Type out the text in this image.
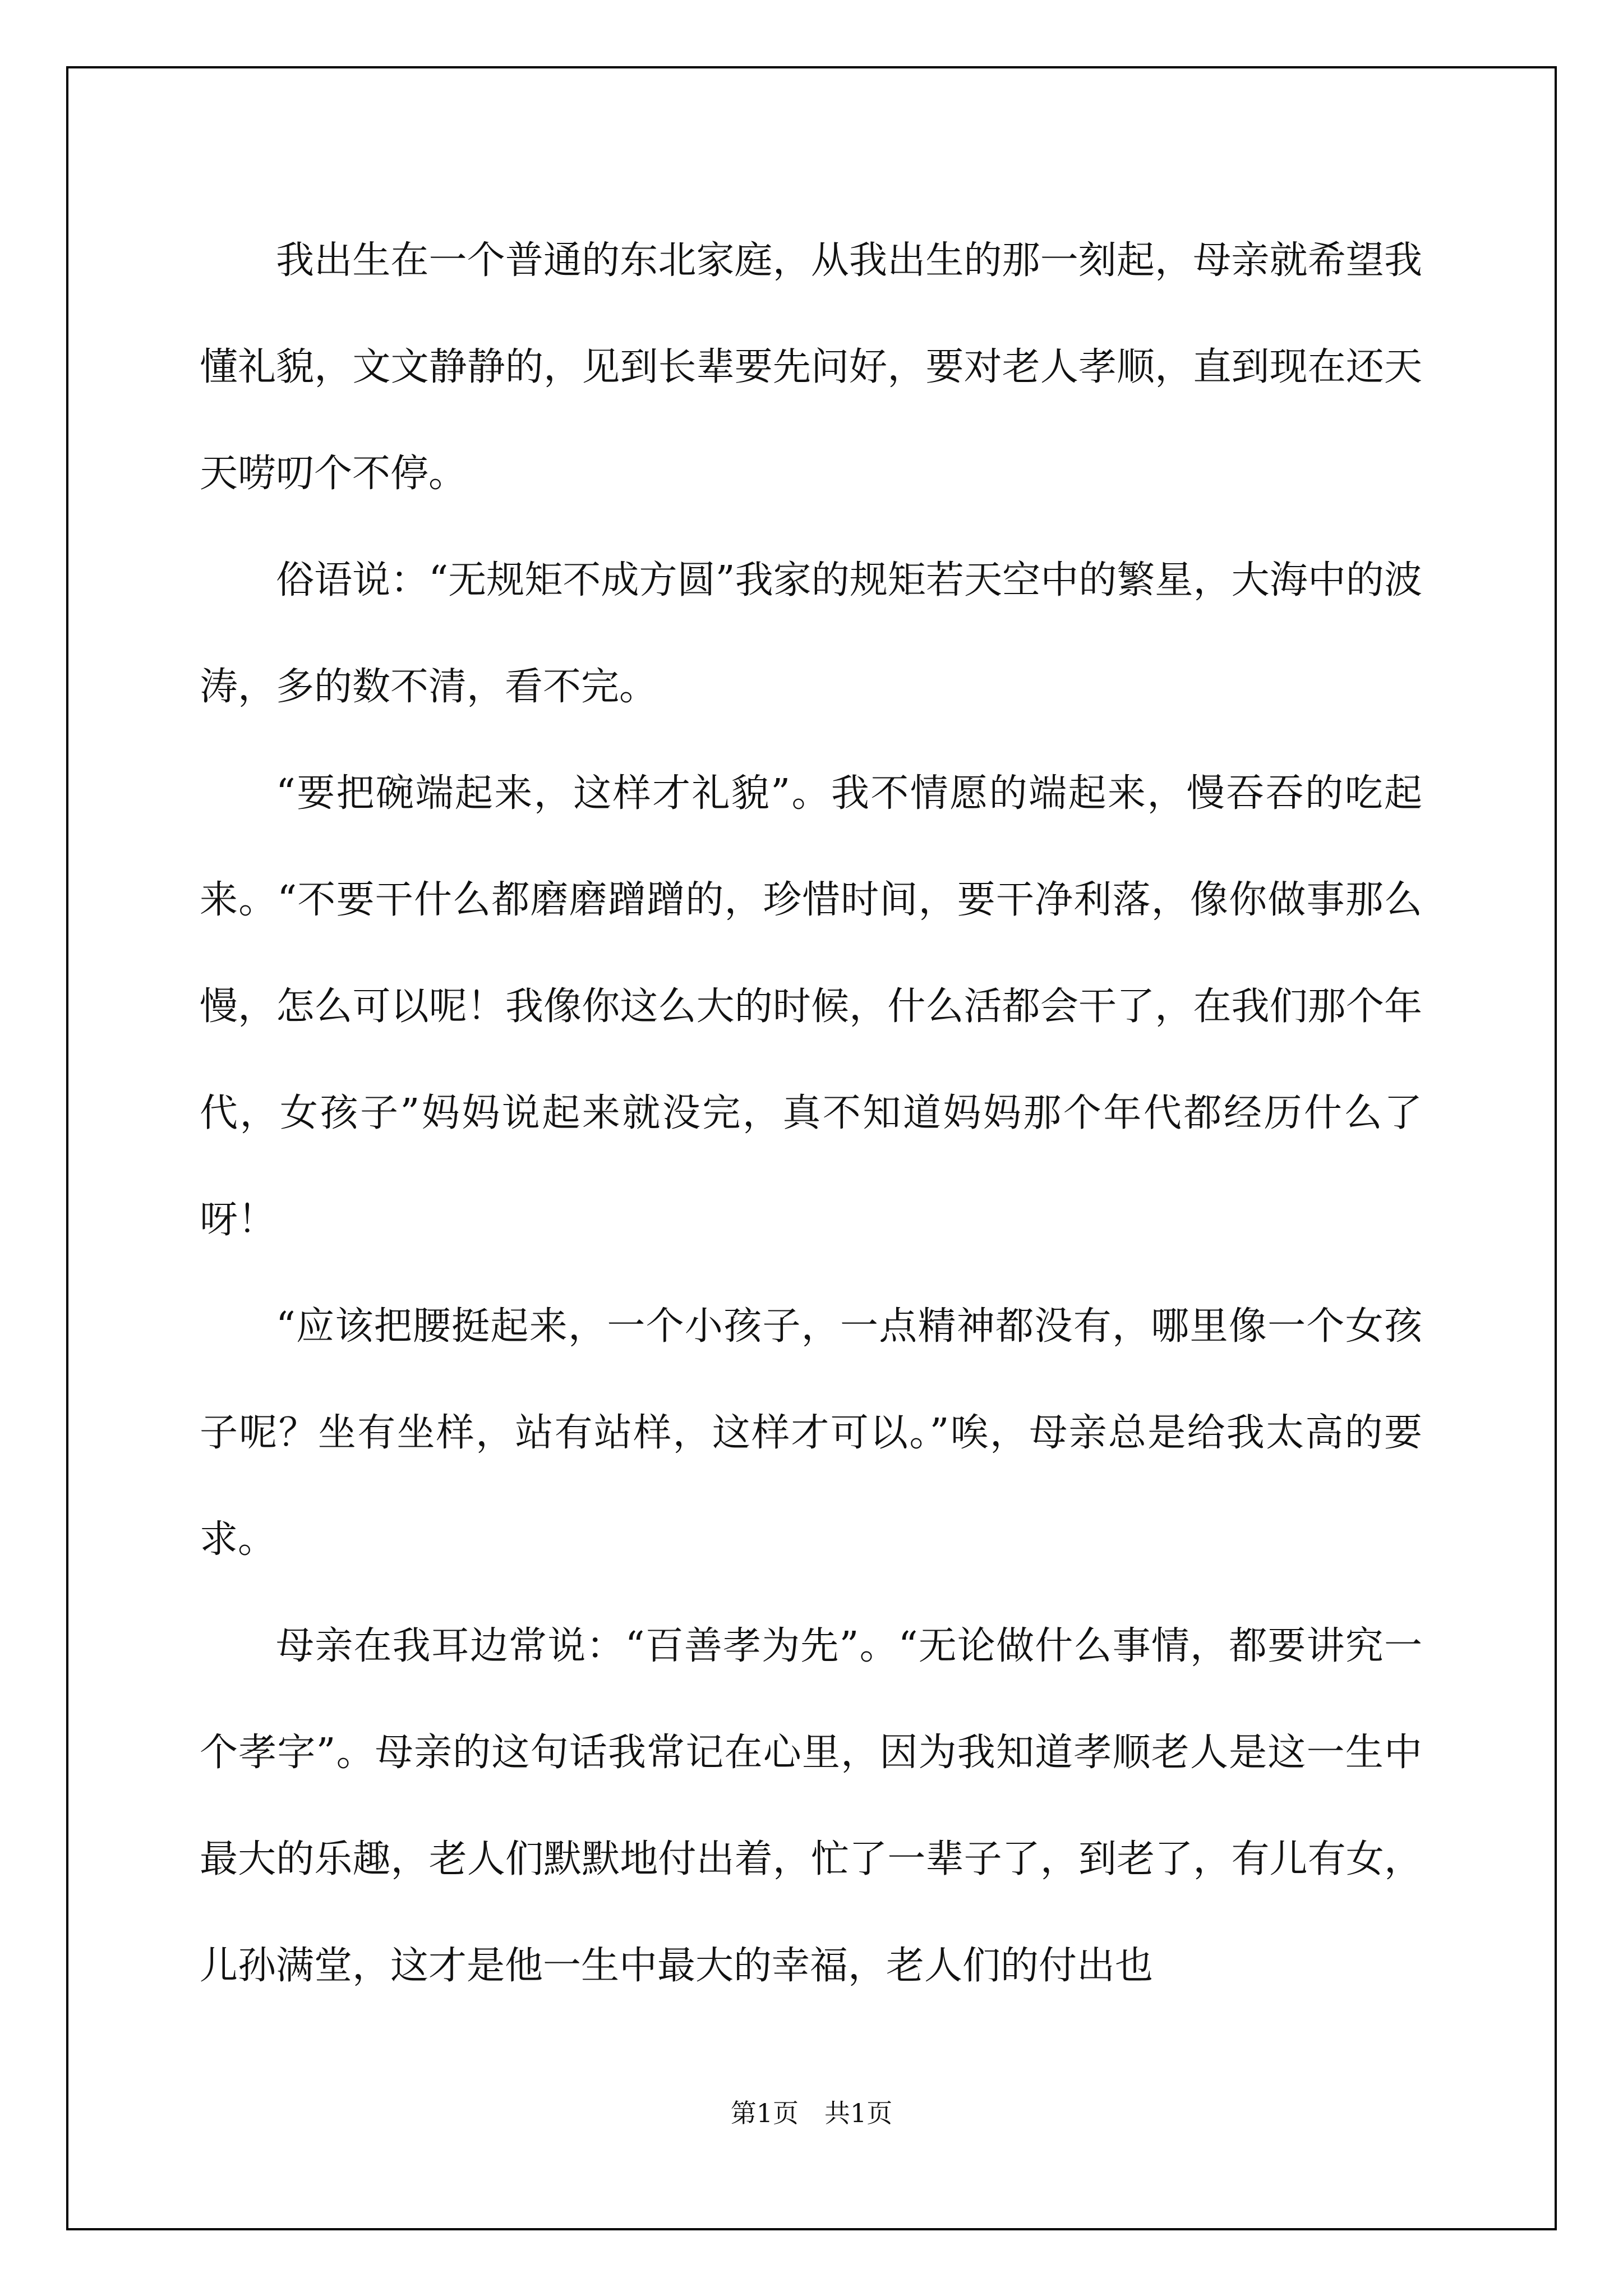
我出生在一个普通的东北家庭，从我出生的那一刻起，母亲就希望我懂礼貌，文文静静的，见到长辈要先问好，要对老人孝顺，直到现在还天天唠叨个不停。

俗语说：“无规矩不成方圆”我家的规矩若天空中的繁星，大海中的波涛，多的数不清，看不完。

“要把碗端起来，这样才礼貌”。我不情愿的端起来，慢吞吞的吃起来。“不要干什么都磨磨蹭蹭的，珍惜时间，要干净利落，像你做事那么慢，怎么可以呢！我像你这么大的时候，什么活都会干了，在我们那个年代，女孩子”妈妈说起来就没完，真不知道妈妈那个年代都经历什么了呀！

“应该把腰挺起来，一个小孩子，一点精神都没有，哪里像一个女孩子呢？坐有坐样，站有站样，这样才可以。”唉，母亲总是给我太高的要求。

母亲在我耳边常说：“百善孝为先”。“无论做什么事情，都要讲究一个孝字”。母亲的这句话我常记在心里，因为我知道孝顺老人是这一生中最大的乐趣，老人们默默地付出着，忙了一辈子了，到老了，有儿有女，儿孙满堂，这才是他一生中最大的幸福，老人们的付出也

第1页　共1页
